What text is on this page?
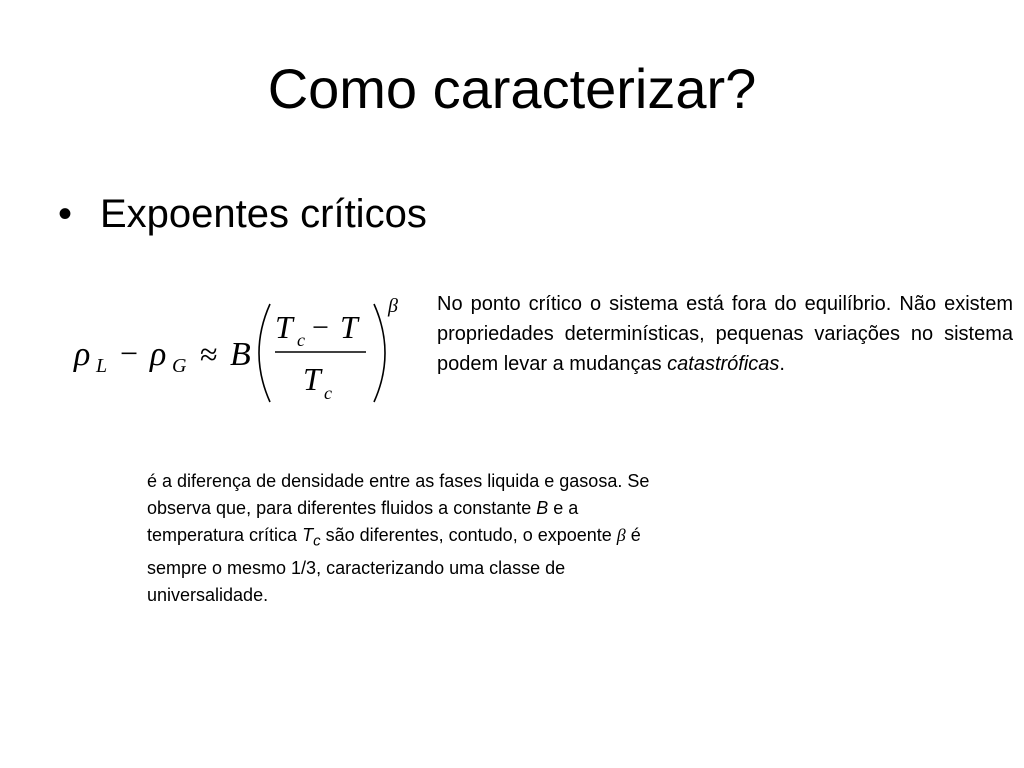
Como caracterizar?
• Expoentes críticos
ρ L − ρ G ≈ B
T c − T
T c
β No ponto crítico o sistema está fora do equilíbrio. Não existem propriedades determinísticas, pequenas variações no sistema podem levar a mudanças catastróficas.
é a diferença de densidade entre as fases liquida e gasosa. Se observa que, para diferentes fluidos a constante B e a temperatura crítica $T_c$ são diferentes, contudo, o expoente β é sempre o mesmo 1/3, caracterizando uma classe de universalidade.
